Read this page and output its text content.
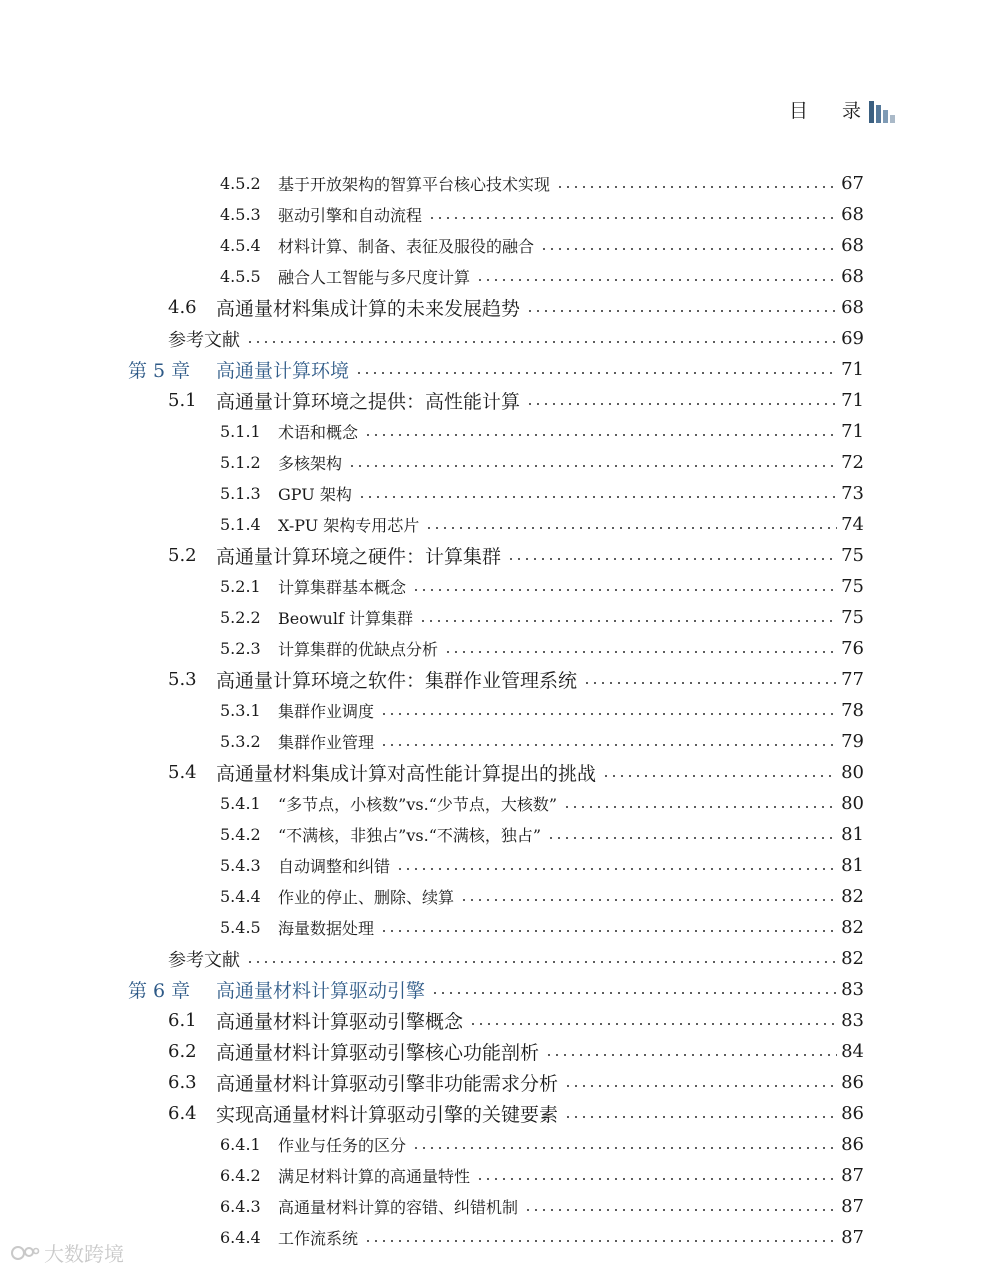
目 录
4.5.2 基于开放架构的智算平台核心技术实现	67
4.5.3 驱动引擎和自动流程	68
4.5.4 材料计算、制备、表征及服役的融合	68
4.5.5 融合人工智能与多尺度计算	68
4.6 高通量材料集成计算的未来发展趋势	68
参考文献	69
第 5 章 高通量计算环境	71
5.1 高通量计算环境之提供：高性能计算	71
5.1.1 术语和概念	71
5.1.2 多核架构	72
5.1.3 GPU 架构	73
5.1.4 X-PU 架构专用芯片	74
5.2 高通量计算环境之硬件：计算集群	75
5.2.1 计算集群基本概念	75
5.2.2 Beowulf 计算集群	75
5.2.3 计算集群的优缺点分析	76
5.3 高通量计算环境之软件：集群作业管理系统	77
5.3.1 集群作业调度	78
5.3.2 集群作业管理	79
5.4 高通量材料集成计算对高性能计算提出的挑战	80
5.4.1 “多节点，小核数”vs.“少节点，大核数”	80
5.4.2 “不满核，非独占”vs.“不满核，独占”	81
5.4.3 自动调整和纠错	81
5.4.4 作业的停止、删除、续算	82
5.4.5 海量数据处理	82
参考文献	82
第 6 章 高通量材料计算驱动引擎	83
6.1 高通量材料计算驱动引擎概念	83
6.2 高通量材料计算驱动引擎核心功能剖析	84
6.3 高通量材料计算驱动引擎非功能需求分析	86
6.4 实现高通量材料计算驱动引擎的关键要素	86
6.4.1 作业与任务的区分	86
6.4.2 满足材料计算的高通量特性	87
6.4.3 高通量材料计算的容错、纠错机制	87
6.4.4 工作流系统	87
大数跨境
